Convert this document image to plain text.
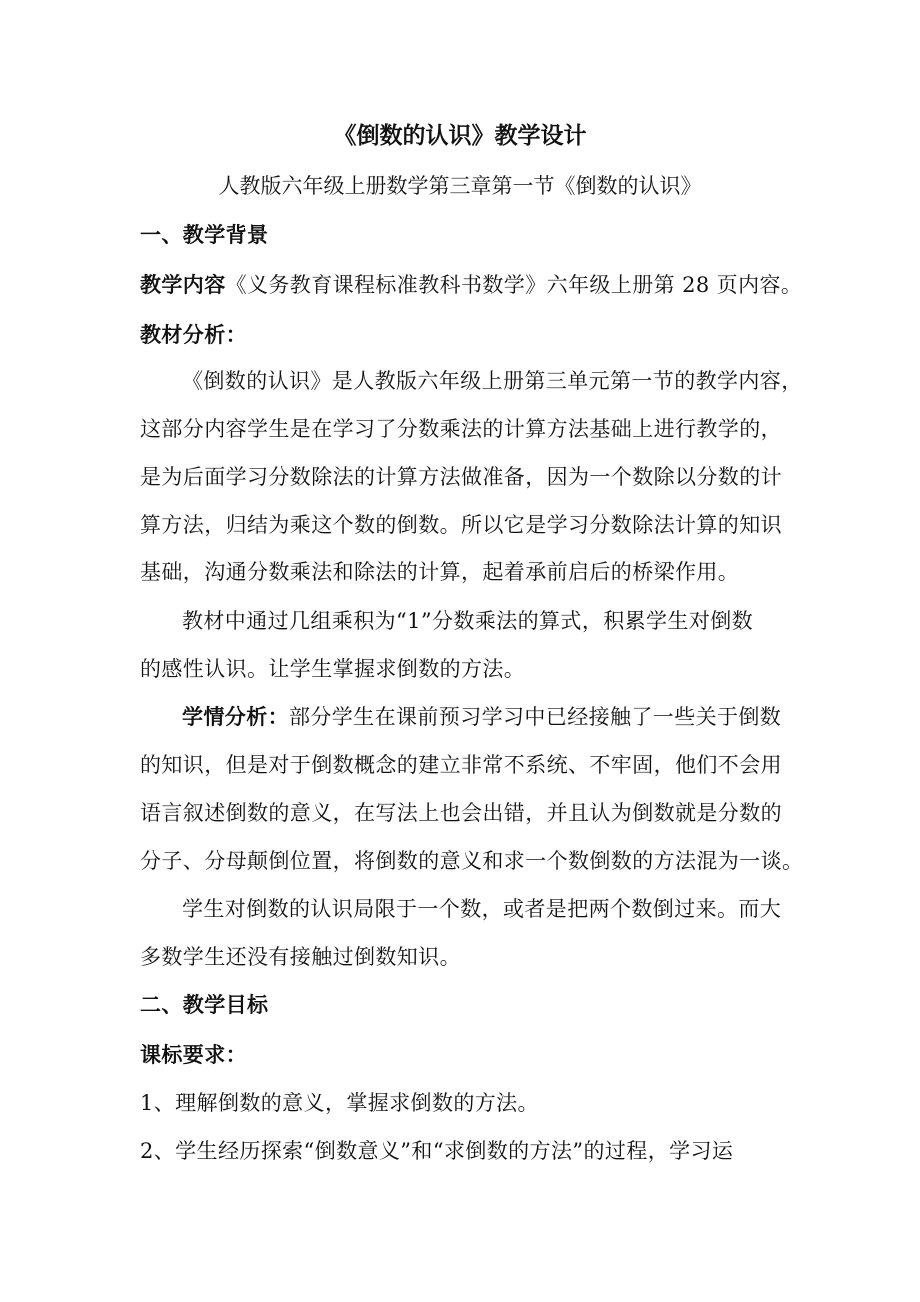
《倒数的认识》教学设计
人教版六年级上册数学第三章第一节《倒数的认识》
一、教学背景
教学内容《义务教育课程标准教科书数学》六年级上册第 28 页内容。
教材分析：
《倒数的认识》是人教版六年级上册第三单元第一节的教学内容，
这部分内容学生是在学习了分数乘法的计算方法基础上进行教学的，
是为后面学习分数除法的计算方法做准备，因为一个数除以分数的计
算方法，归结为乘这个数的倒数。所以它是学习分数除法计算的知识
基础，沟通分数乘法和除法的计算，起着承前启后的桥梁作用。
教材中通过几组乘积为“1”分数乘法的算式，积累学生对倒数
的感性认识。让学生掌握求倒数的方法。
学情分析：部分学生在课前预习学习中已经接触了一些关于倒数
的知识，但是对于倒数概念的建立非常不系统、不牢固，他们不会用
语言叙述倒数的意义，在写法上也会出错，并且认为倒数就是分数的
分子、分母颠倒位置，将倒数的意义和求一个数倒数的方法混为一谈。
学生对倒数的认识局限于一个数，或者是把两个数倒过来。而大
多数学生还没有接触过倒数知识。
二、教学目标
课标要求：
1、理解倒数的意义，掌握求倒数的方法。
2、学生经历探索“倒数意义”和“求倒数的方法”的过程，学习运
